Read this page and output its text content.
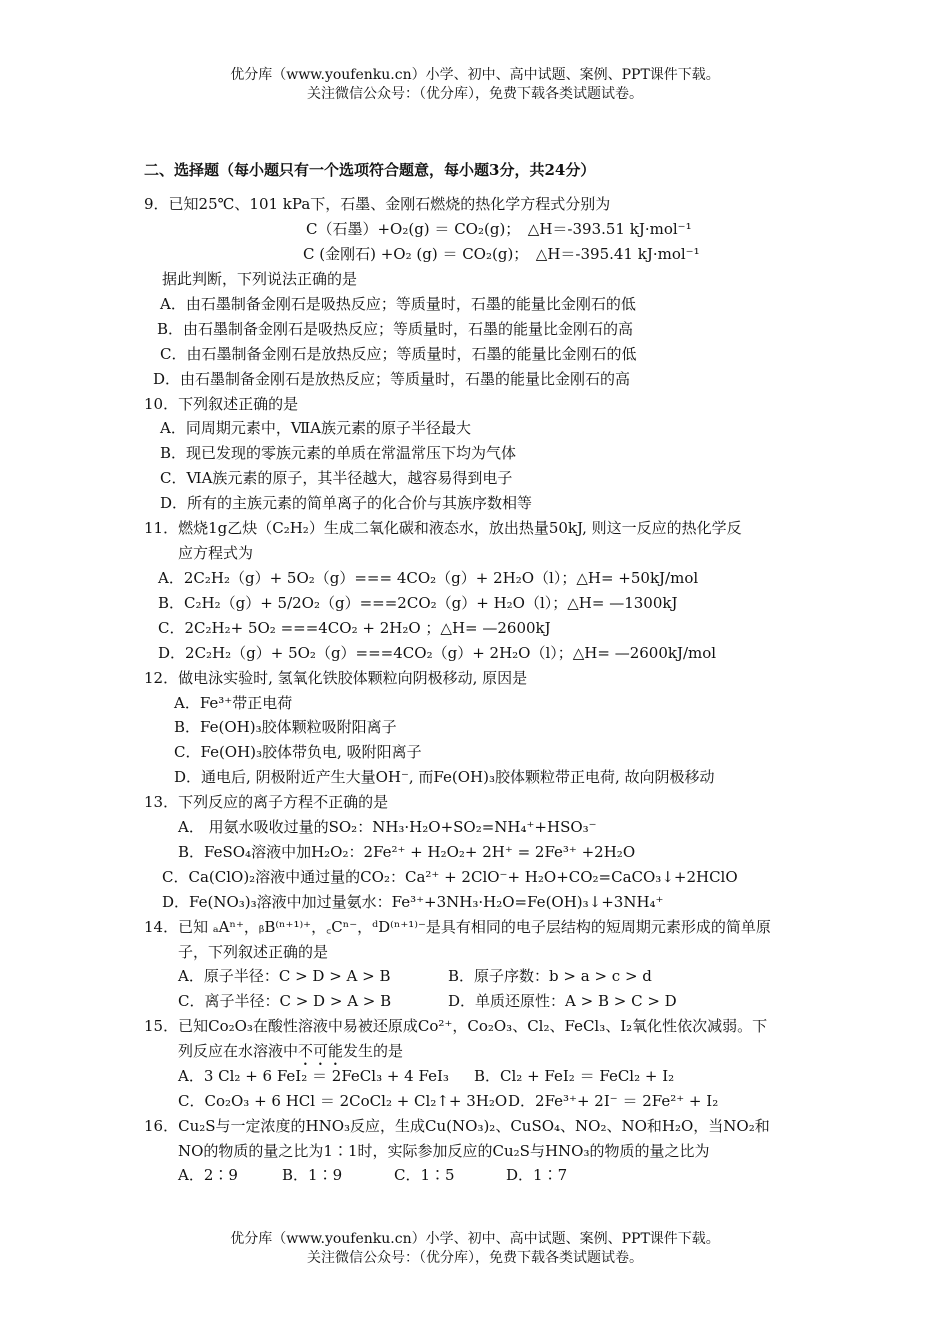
优分库（www.youfenku.cn）小学、初中、高中试题、案例、PPT课件下载。
关注微信公众号：（优分库），免费下载各类试题试卷。
二、选择题（每小题只有一个选项符合题意，每小题3分，共24分）
9．已知25℃、101 kPa下，石墨、金刚石燃烧的热化学方程式分别为
C（石墨）+O₂(g) ＝ CO₂(g)；　△H＝-393.51 kJ·mol⁻¹
C (金刚石) +O₂ (g) ＝ CO₂(g)；　△H＝-395.41 kJ·mol⁻¹
据此判断，下列说法正确的是
A．由石墨制备金刚石是吸热反应；等质量时，石墨的能量比金刚石的低
B．由石墨制备金刚石是吸热反应；等质量时，石墨的能量比金刚石的高
C．由石墨制备金刚石是放热反应；等质量时，石墨的能量比金刚石的低
D．由石墨制备金刚石是放热反应；等质量时，石墨的能量比金刚石的高
10．下列叙述正确的是
A．同周期元素中，ⅦA族元素的原子半径最大
B．现已发现的零族元素的单质在常温常压下均为气体
C．ⅥA族元素的原子，其半径越大，越容易得到电子
D．所有的主族元素的简单离子的化合价与其族序数相等
11．燃烧1g乙炔（C₂H₂）生成二氧化碳和液态水，放出热量50kJ, 则这一反应的热化学反
应方程式为
A．2C₂H₂（g）+ 5O₂（g）=== 4CO₂（g）+ 2H₂O（l）；△H= +50kJ/mol
B．C₂H₂（g）+ 5/2O₂（g）===2CO₂（g）+ H₂O（l）；△H= —1300kJ
C．2C₂H₂+ 5O₂ ===4CO₂ + 2H₂O ；△H= —2600kJ
D．2C₂H₂（g）+ 5O₂（g）===4CO₂（g）+ 2H₂O（l）；△H= —2600kJ/mol
12．做电泳实验时, 氢氧化铁胶体颗粒向阴极移动, 原因是
A．Fe³⁺带正电荷
B．Fe(OH)₃胶体颗粒吸附阳离子
C．Fe(OH)₃胶体带负电, 吸附阳离子
D．通电后, 阴极附近产生大量OH⁻, 而Fe(OH)₃胶体颗粒带正电荷, 故向阴极移动
13．下列反应的离子方程不正确的是
A． 用氨水吸收过量的SO₂：NH₃·H₂O+SO₂=NH₄⁺+HSO₃⁻
B．FeSO₄溶液中加H₂O₂：2Fe²⁺ + H₂O₂+ 2H⁺ = 2Fe³⁺ +2H₂O
C．Ca(ClO)₂溶液中通过量的CO₂：Ca²⁺ + 2ClO⁻+ H₂O+CO₂=CaCO₃↓+2HClO
D．Fe(NO₃)₃溶液中加过量氨水：Fe³⁺+3NH₃·H₂O=Fe(OH)₃↓+3NH₄⁺
14．已知 ₐAⁿ⁺，ᵦB⁽ⁿ⁺¹⁾⁺，꜀Cⁿ⁻，ᵈD⁽ⁿ⁺¹⁾⁻是具有相同的电子层结构的短周期元素形成的简单原
子，下列叙述正确的是
A．原子半径：C > D > A > B	B．原子序数：b > a > c > d
C．离子半径：C > D > A > B	D．单质还原性：A > B > C > D
15．已知Co₂O₃在酸性溶液中易被还原成Co²⁺，Co₂O₃、Cl₂、FeCl₃、I₂氧化性依次减弱。下
列反应在水溶液中不可能发生的是
A．3 Cl₂ + 6 FeI₂ ＝ 2FeCl₃ + 4 FeI₃ B．Cl₂ + FeI₂ ＝ FeCl₂ + I₂
C．Co₂O₃ + 6 HCl ＝ 2CoCl₂ + Cl₂↑+ 3H₂O D．2Fe³⁺+ 2I⁻ ＝ 2Fe²⁺ + I₂
16．Cu₂S与一定浓度的HNO₃反应，生成Cu(NO₃)₂、CuSO₄、NO₂、NO和H₂O，当NO₂和
NO的物质的量之比为1∶1时，实际参加反应的Cu₂S与HNO₃的物质的量之比为
A．2∶9	B．1∶9	C．1∶5	D．1∶7
优分库（www.youfenku.cn）小学、初中、高中试题、案例、PPT课件下载。
关注微信公众号：（优分库），免费下载各类试题试卷。
